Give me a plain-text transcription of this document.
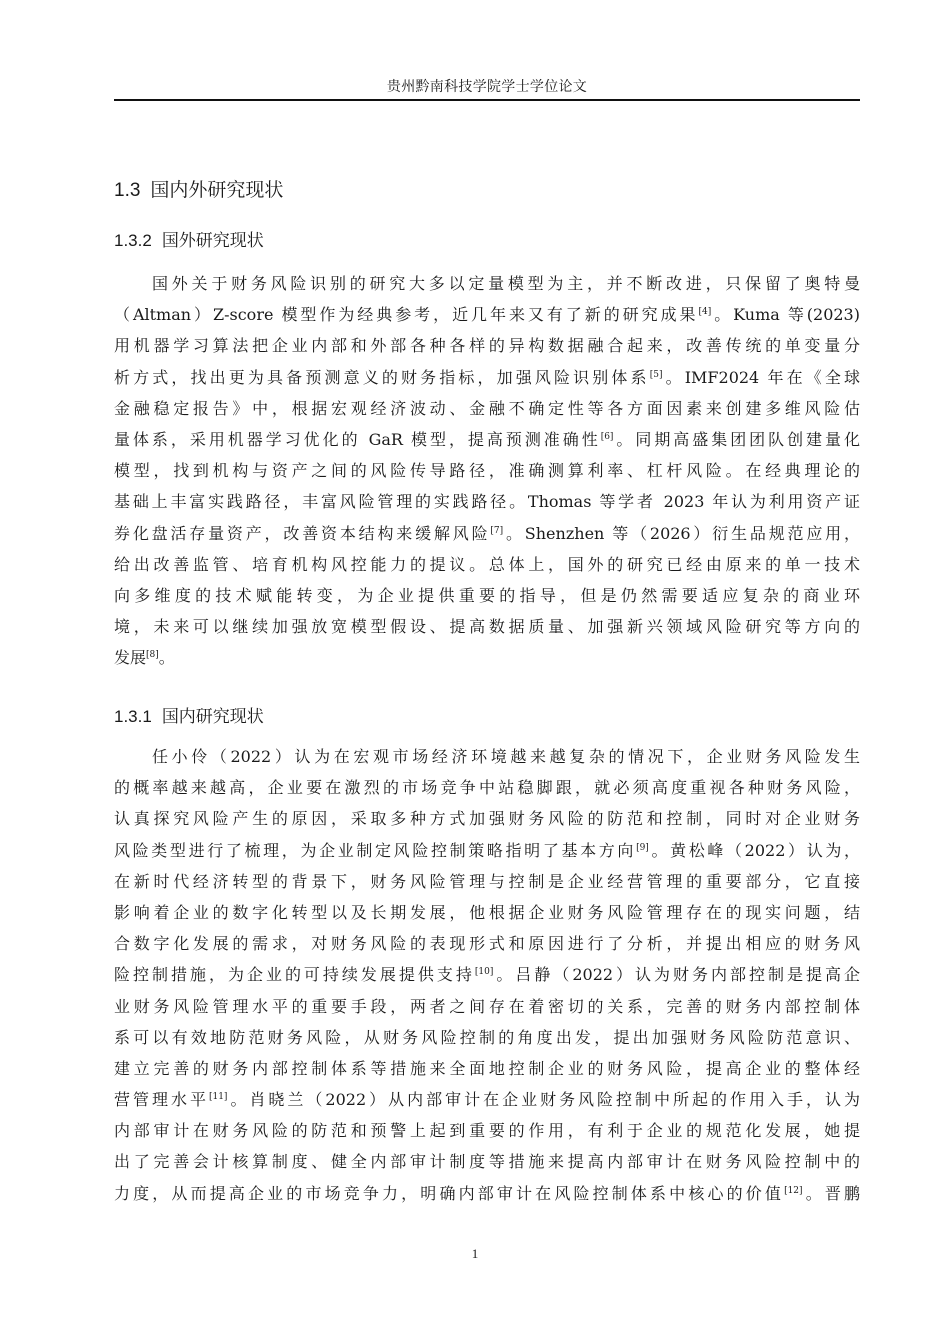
贵州黔南科技学院学士学位论文
1.3 国内外研究现状
1.3.2 国外研究现状
国外关于财务风险识别的研究大多以定量模型为主，并不断改进，只保留了奥特曼
（Altman）Z-score 模型作为经典参考，近几年来又有了新的研究成果[4]。Kuma 等(2023)
用机器学习算法把企业内部和外部各种各样的异构数据融合起来，改善传统的单变量分
析方式，找出更为具备预测意义的财务指标，加强风险识别体系[5]。IMF2024 年在《全球
金融稳定报告》中，根据宏观经济波动、金融不确定性等各方面因素来创建多维风险估
量体系，采用机器学习优化的 GaR 模型，提高预测准确性[6]。同期高盛集团团队创建量化
模型，找到机构与资产之间的风险传导路径，准确测算利率、杠杆风险。在经典理论的
基础上丰富实践路径，丰富风险管理的实践路径。Thomas 等学者 2023 年认为利用资产证
券化盘活存量资产，改善资本结构来缓解风险[7]。Shenzhen 等（2026）衍生品规范应用，
给出改善监管、培育机构风控能力的提议。总体上，国外的研究已经由原来的单一技术
向多维度的技术赋能转变，为企业提供重要的指导，但是仍然需要适应复杂的商业环
境，未来可以继续加强放宽模型假设、提高数据质量、加强新兴领域风险研究等方向的
发展[8]。
1.3.1 国内研究现状
任小伶（2022）认为在宏观市场经济环境越来越复杂的情况下，企业财务风险发生
的概率越来越高，企业要在激烈的市场竞争中站稳脚跟，就必须高度重视各种财务风险，
认真探究风险产生的原因，采取多种方式加强财务风险的防范和控制，同时对企业财务
风险类型进行了梳理，为企业制定风险控制策略指明了基本方向[9]。黄松峰（2022）认为，
在新时代经济转型的背景下，财务风险管理与控制是企业经营管理的重要部分，它直接
影响着企业的数字化转型以及长期发展，他根据企业财务风险管理存在的现实问题，结
合数字化发展的需求，对财务风险的表现形式和原因进行了分析，并提出相应的财务风
险控制措施，为企业的可持续发展提供支持[10]。吕静（2022）认为财务内部控制是提高企
业财务风险管理水平的重要手段，两者之间存在着密切的关系，完善的财务内部控制体
系可以有效地防范财务风险，从财务风险控制的角度出发，提出加强财务风险防范意识、
建立完善的财务内部控制体系等措施来全面地控制企业的财务风险，提高企业的整体经
营管理水平[11]。肖晓兰（2022）从内部审计在企业财务风险控制中所起的作用入手，认为
内部审计在财务风险的防范和预警上起到重要的作用，有利于企业的规范化发展，她提
出了完善会计核算制度、健全内部审计制度等措施来提高内部审计在财务风险控制中的
力度，从而提高企业的市场竞争力，明确内部审计在风险控制体系中核心的价值[12]。晋鹏
1
